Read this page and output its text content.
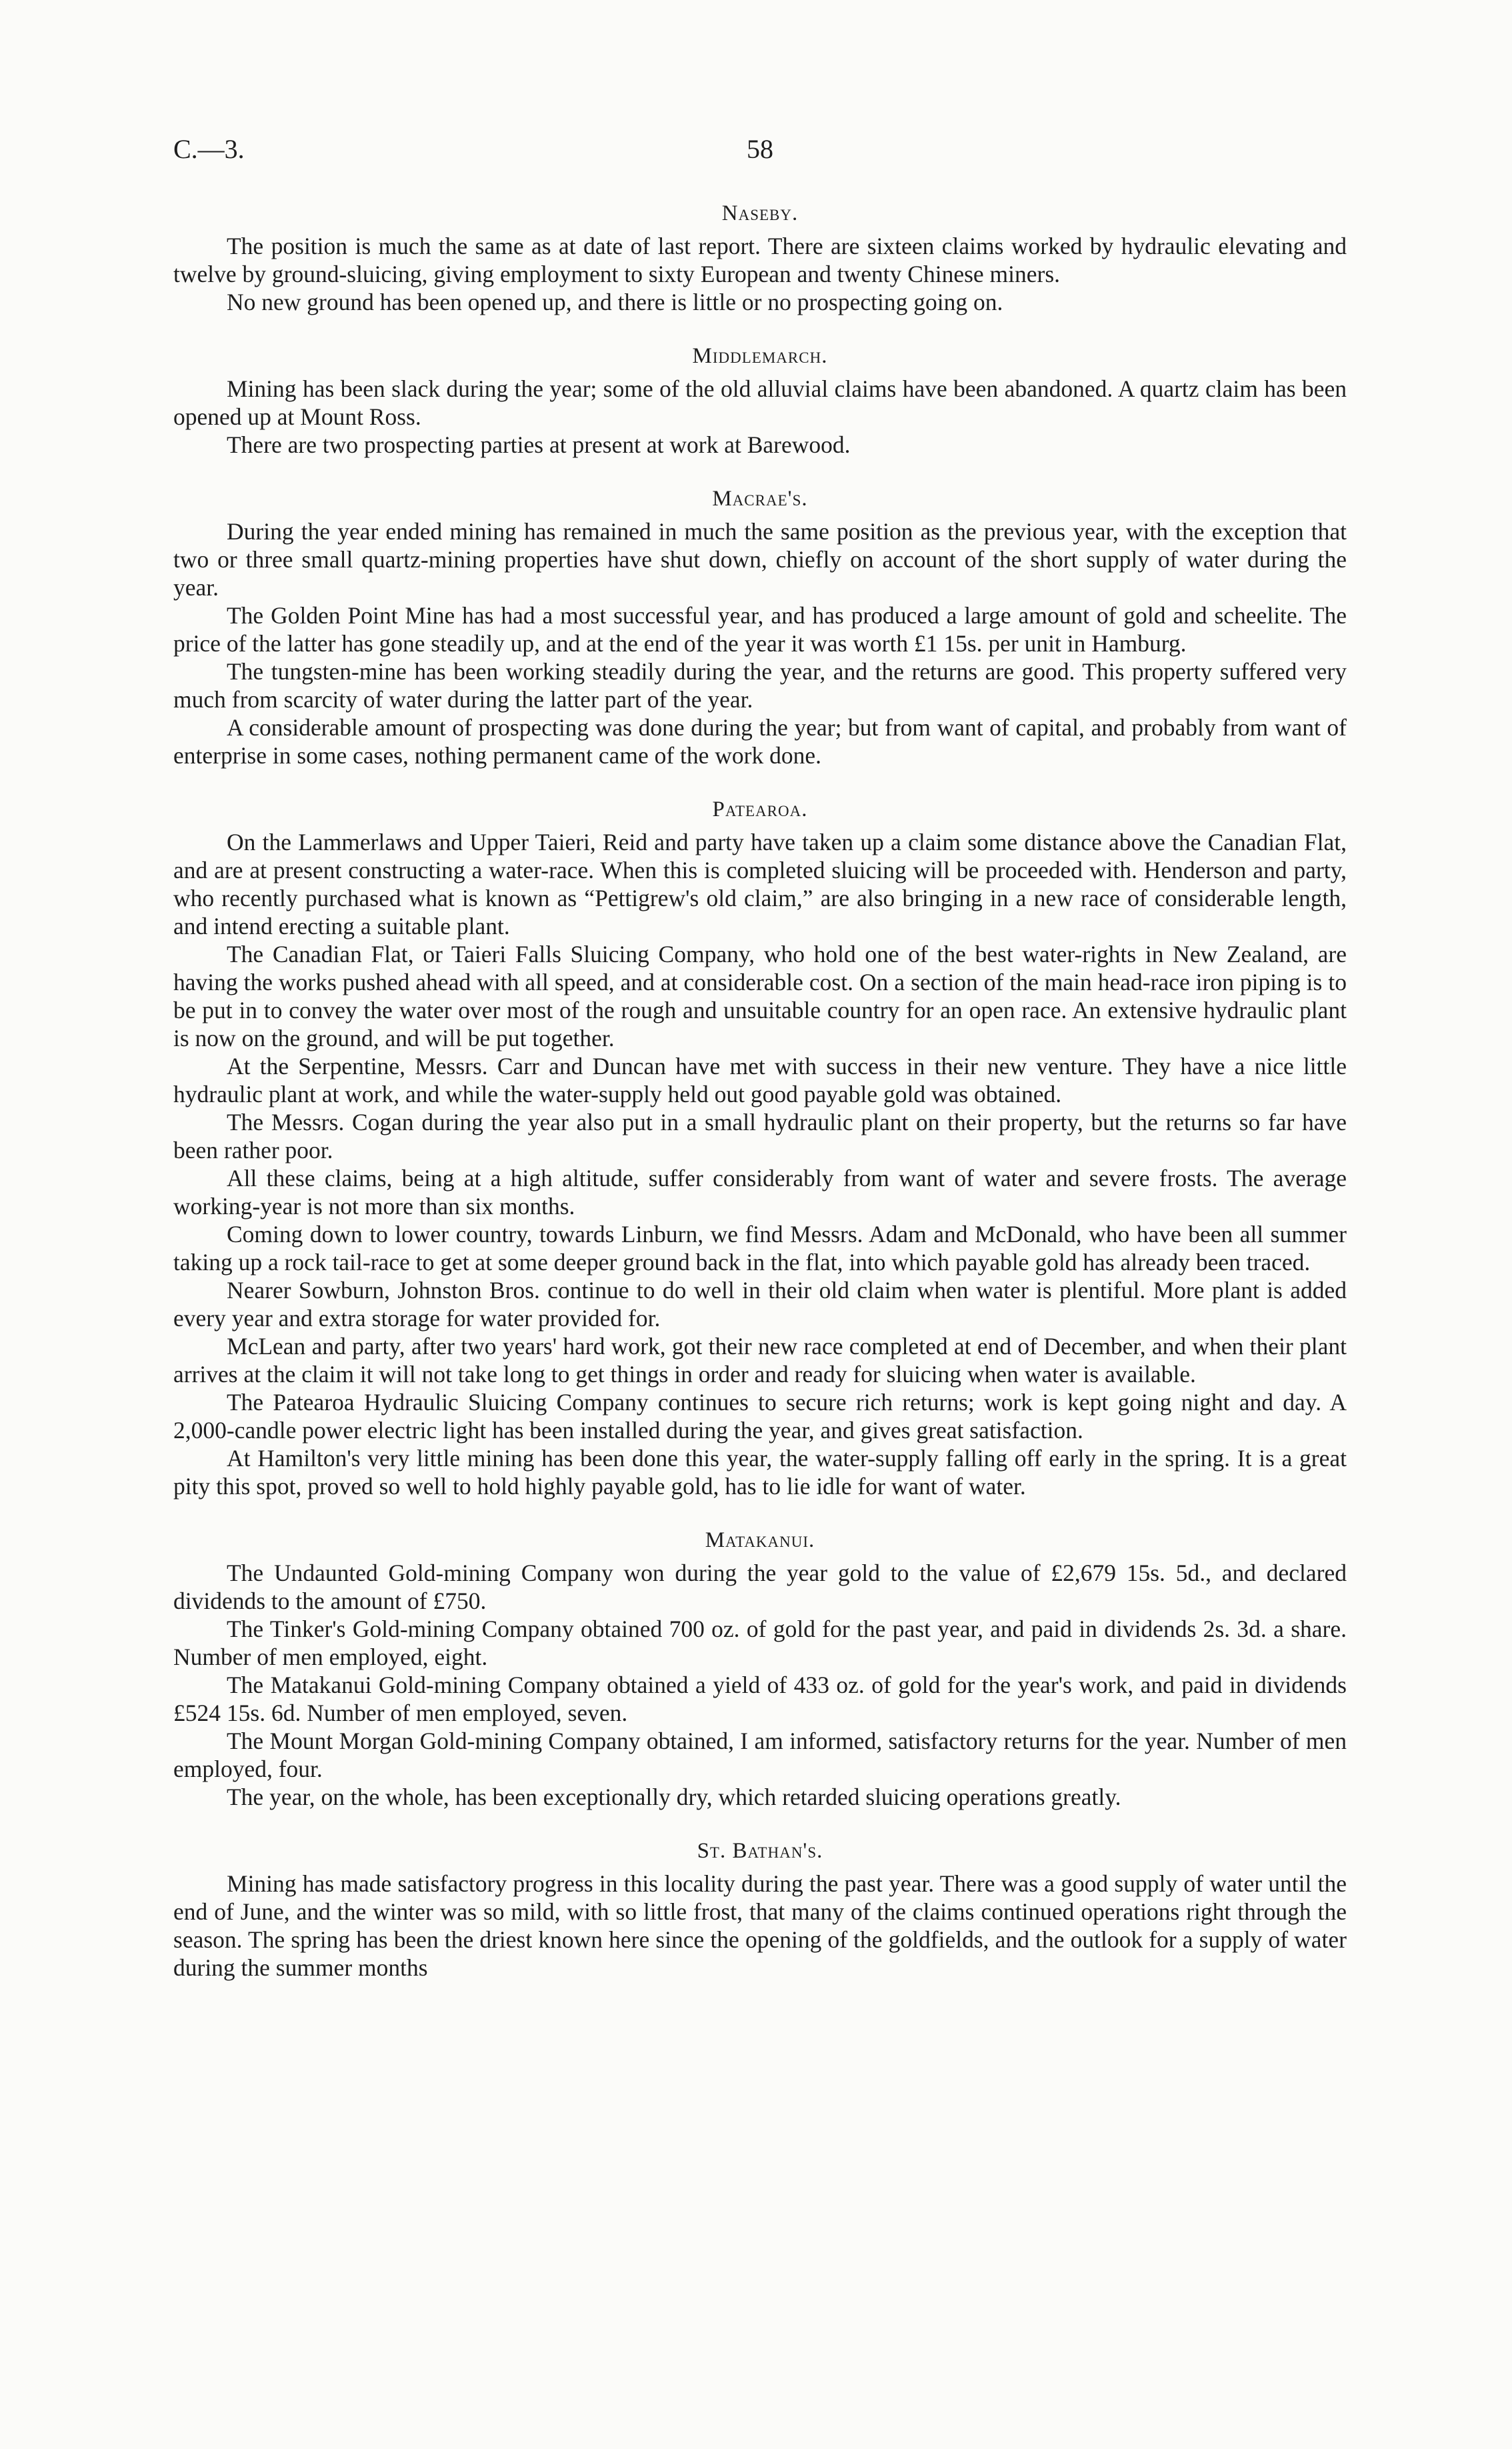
C.—3.	58
Naseby.

The position is much the same as at date of last report. There are sixteen claims worked by hydraulic elevating and twelve by ground-sluicing, giving employment to sixty European and twenty Chinese miners.

No new ground has been opened up, and there is little or no prospecting going on.

Middlemarch.

Mining has been slack during the year; some of the old alluvial claims have been abandoned. A quartz claim has been opened up at Mount Ross.

There are two prospecting parties at present at work at Barewood.

Macrae's.

During the year ended mining has remained in much the same position as the previous year, with the exception that two or three small quartz-mining properties have shut down, chiefly on account of the short supply of water during the year.

The Golden Point Mine has had a most successful year, and has produced a large amount of gold and scheelite. The price of the latter has gone steadily up, and at the end of the year it was worth £1 15s. per unit in Hamburg.

The tungsten-mine has been working steadily during the year, and the returns are good. This property suffered very much from scarcity of water during the latter part of the year.

A considerable amount of prospecting was done during the year; but from want of capital, and probably from want of enterprise in some cases, nothing permanent came of the work done.

Patearoa.

On the Lammerlaws and Upper Taieri, Reid and party have taken up a claim some distance above the Canadian Flat, and are at present constructing a water-race. When this is completed sluicing will be proceeded with. Henderson and party, who recently purchased what is known as “Pettigrew's old claim,” are also bringing in a new race of considerable length, and intend erecting a suitable plant.

The Canadian Flat, or Taieri Falls Sluicing Company, who hold one of the best water-rights in New Zealand, are having the works pushed ahead with all speed, and at considerable cost. On a section of the main head-race iron piping is to be put in to convey the water over most of the rough and unsuitable country for an open race. An extensive hydraulic plant is now on the ground, and will be put together.

At the Serpentine, Messrs. Carr and Duncan have met with success in their new venture. They have a nice little hydraulic plant at work, and while the water-supply held out good payable gold was obtained.

The Messrs. Cogan during the year also put in a small hydraulic plant on their property, but the returns so far have been rather poor.

All these claims, being at a high altitude, suffer considerably from want of water and severe frosts. The average working-year is not more than six months.

Coming down to lower country, towards Linburn, we find Messrs. Adam and McDonald, who have been all summer taking up a rock tail-race to get at some deeper ground back in the flat, into which payable gold has already been traced.

Nearer Sowburn, Johnston Bros. continue to do well in their old claim when water is plentiful. More plant is added every year and extra storage for water provided for.

McLean and party, after two years' hard work, got their new race completed at end of December, and when their plant arrives at the claim it will not take long to get things in order and ready for sluicing when water is available.

The Patearoa Hydraulic Sluicing Company continues to secure rich returns; work is kept going night and day. A 2,000-candle power electric light has been installed during the year, and gives great satisfaction.

At Hamilton's very little mining has been done this year, the water-supply falling off early in the spring. It is a great pity this spot, proved so well to hold highly payable gold, has to lie idle for want of water.

Matakanui.

The Undaunted Gold-mining Company won during the year gold to the value of £2,679 15s. 5d., and declared dividends to the amount of £750.

The Tinker's Gold-mining Company obtained 700 oz. of gold for the past year, and paid in dividends 2s. 3d. a share. Number of men employed, eight.

The Matakanui Gold-mining Company obtained a yield of 433 oz. of gold for the year's work, and paid in dividends £524 15s. 6d. Number of men employed, seven.

The Mount Morgan Gold-mining Company obtained, I am informed, satisfactory returns for the year. Number of men employed, four.

The year, on the whole, has been exceptionally dry, which retarded sluicing operations greatly.

St. Bathan's.

Mining has made satisfactory progress in this locality during the past year. There was a good supply of water until the end of June, and the winter was so mild, with so little frost, that many of the claims continued operations right through the season. The spring has been the driest known here since the opening of the goldfields, and the outlook for a supply of water during the summer months
